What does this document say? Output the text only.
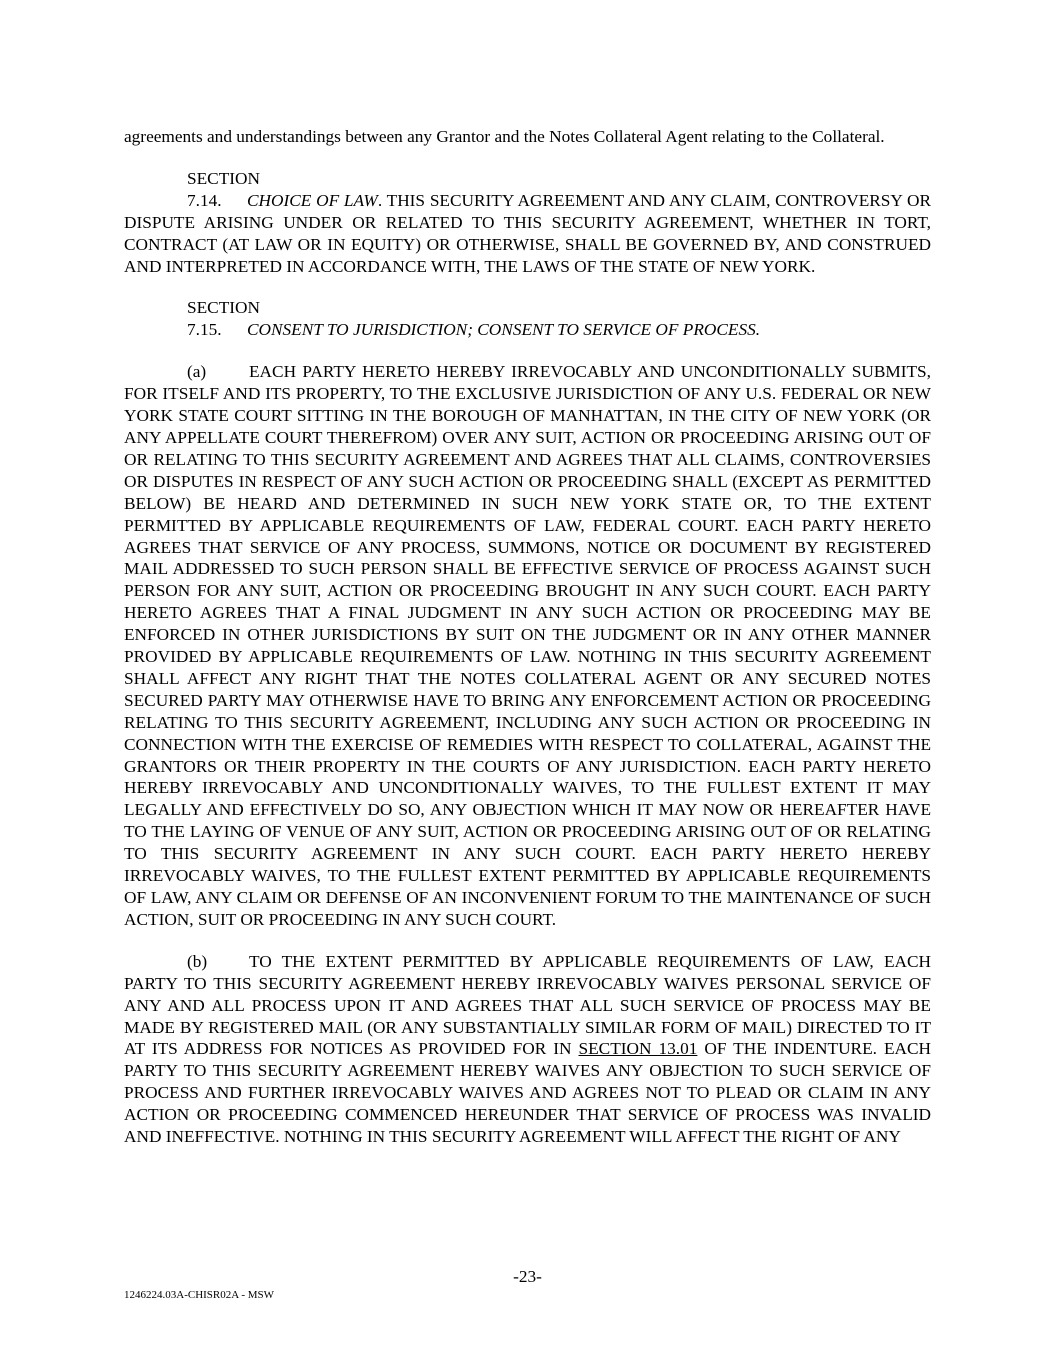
agreements and understandings between any Grantor and the Notes Collateral Agent relating to the Collateral.

SECTION 7.14. CHOICE OF LAW. THIS SECURITY AGREEMENT AND ANY CLAIM, CONTROVERSY OR DISPUTE ARISING UNDER OR RELATED TO THIS SECURITY AGREEMENT, WHETHER IN TORT, CONTRACT (AT LAW OR IN EQUITY) OR OTHERWISE, SHALL BE GOVERNED BY, AND CONSTRUED AND INTERPRETED IN ACCORDANCE WITH, THE LAWS OF THE STATE OF NEW YORK.

SECTION 7.15. CONSENT TO JURISDICTION; CONSENT TO SERVICE OF PROCESS.

(a) EACH PARTY HERETO HEREBY IRREVOCABLY AND UNCONDITIONALLY SUBMITS, FOR ITSELF AND ITS PROPERTY, TO THE EXCLUSIVE JURISDICTION OF ANY U.S. FEDERAL OR NEW YORK STATE COURT SITTING IN THE BOROUGH OF MANHATTAN, IN THE CITY OF NEW YORK (OR ANY APPELLATE COURT THEREFROM) OVER ANY SUIT, ACTION OR PROCEEDING ARISING OUT OF OR RELATING TO THIS SECURITY AGREEMENT AND AGREES THAT ALL CLAIMS, CONTROVERSIES OR DISPUTES IN RESPECT OF ANY SUCH ACTION OR PROCEEDING SHALL (EXCEPT AS PERMITTED BELOW) BE HEARD AND DETERMINED IN SUCH NEW YORK STATE OR, TO THE EXTENT PERMITTED BY APPLICABLE REQUIREMENTS OF LAW, FEDERAL COURT. EACH PARTY HERETO AGREES THAT SERVICE OF ANY PROCESS, SUMMONS, NOTICE OR DOCUMENT BY REGISTERED MAIL ADDRESSED TO SUCH PERSON SHALL BE EFFECTIVE SERVICE OF PROCESS AGAINST SUCH PERSON FOR ANY SUIT, ACTION OR PROCEEDING BROUGHT IN ANY SUCH COURT. EACH PARTY HERETO AGREES THAT A FINAL JUDGMENT IN ANY SUCH ACTION OR PROCEEDING MAY BE ENFORCED IN OTHER JURISDICTIONS BY SUIT ON THE JUDGMENT OR IN ANY OTHER MANNER PROVIDED BY APPLICABLE REQUIREMENTS OF LAW. NOTHING IN THIS SECURITY AGREEMENT SHALL AFFECT ANY RIGHT THAT THE NOTES COLLATERAL AGENT OR ANY SECURED NOTES SECURED PARTY MAY OTHERWISE HAVE TO BRING ANY ENFORCEMENT ACTION OR PROCEEDING RELATING TO THIS SECURITY AGREEMENT, INCLUDING ANY SUCH ACTION OR PROCEEDING IN CONNECTION WITH THE EXERCISE OF REMEDIES WITH RESPECT TO COLLATERAL, AGAINST THE GRANTORS OR THEIR PROPERTY IN THE COURTS OF ANY JURISDICTION. EACH PARTY HERETO HEREBY IRREVOCABLY AND UNCONDITIONALLY WAIVES, TO THE FULLEST EXTENT IT MAY LEGALLY AND EFFECTIVELY DO SO, ANY OBJECTION WHICH IT MAY NOW OR HEREAFTER HAVE TO THE LAYING OF VENUE OF ANY SUIT, ACTION OR PROCEEDING ARISING OUT OF OR RELATING TO THIS SECURITY AGREEMENT IN ANY SUCH COURT. EACH PARTY HERETO HEREBY IRREVOCABLY WAIVES, TO THE FULLEST EXTENT PERMITTED BY APPLICABLE REQUIREMENTS OF LAW, ANY CLAIM OR DEFENSE OF AN INCONVENIENT FORUM TO THE MAINTENANCE OF SUCH ACTION, SUIT OR PROCEEDING IN ANY SUCH COURT.

(b) TO THE EXTENT PERMITTED BY APPLICABLE REQUIREMENTS OF LAW, EACH PARTY TO THIS SECURITY AGREEMENT HEREBY IRREVOCABLY WAIVES PERSONAL SERVICE OF ANY AND ALL PROCESS UPON IT AND AGREES THAT ALL SUCH SERVICE OF PROCESS MAY BE MADE BY REGISTERED MAIL (OR ANY SUBSTANTIALLY SIMILAR FORM OF MAIL) DIRECTED TO IT AT ITS ADDRESS FOR NOTICES AS PROVIDED FOR IN SECTION 13.01 OF THE INDENTURE. EACH PARTY TO THIS SECURITY AGREEMENT HEREBY WAIVES ANY OBJECTION TO SUCH SERVICE OF PROCESS AND FURTHER IRREVOCABLY WAIVES AND AGREES NOT TO PLEAD OR CLAIM IN ANY ACTION OR PROCEEDING COMMENCED HEREUNDER THAT SERVICE OF PROCESS WAS INVALID AND INEFFECTIVE. NOTHING IN THIS SECURITY AGREEMENT WILL AFFECT THE RIGHT OF ANY

-23-
1246224.03A-CHISR02A - MSW
